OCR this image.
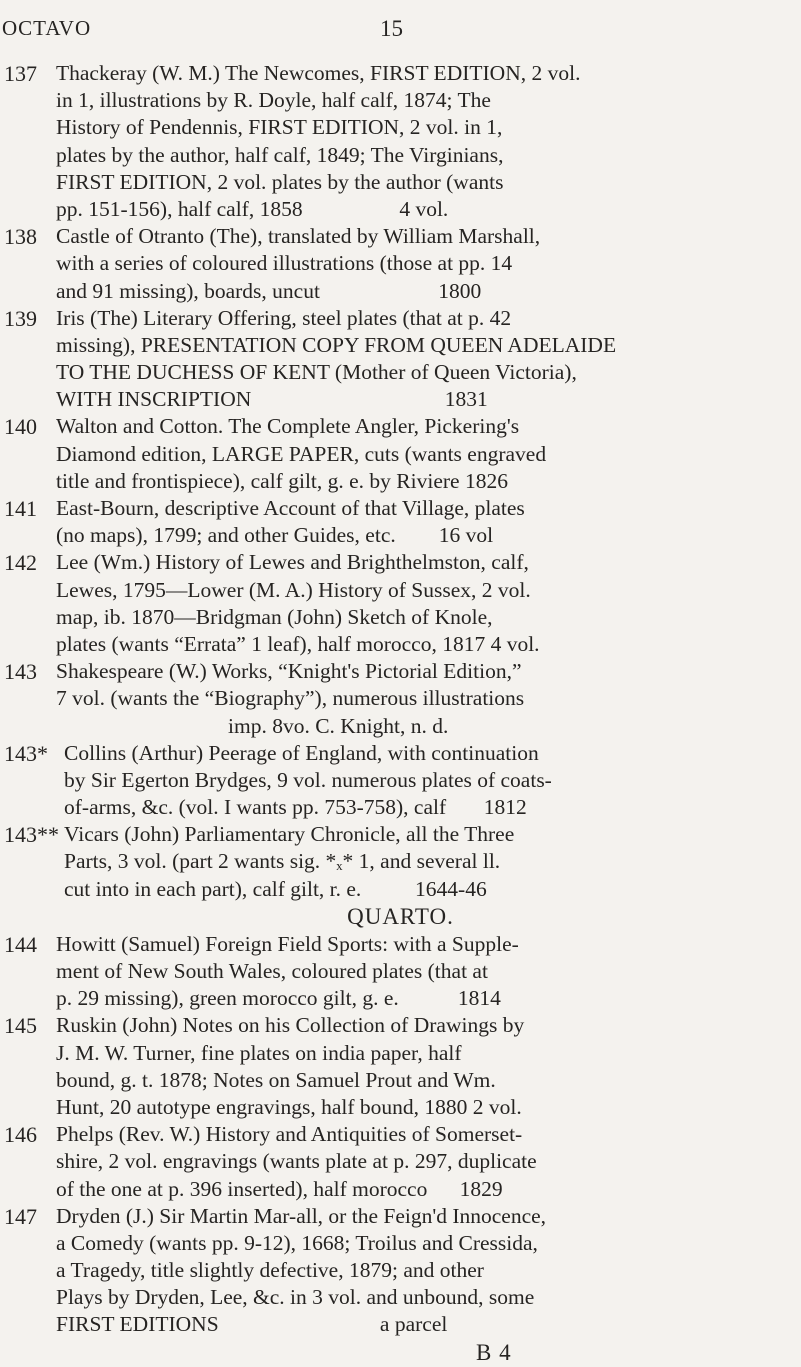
OCTAVO	15
137 Thackeray (W. M.) The Newcomes, FIRST EDITION, 2 vol.
in 1, illustrations by R. Doyle, half calf, 1874; The
History of Pendennis, FIRST EDITION, 2 vol. in 1,
plates by the author, half calf, 1849; The Virginians,
FIRST EDITION, 2 vol. plates by the author (wants
pp. 151-156), half calf, 1858                  4 vol.
138 Castle of Otranto (The), translated by William Marshall,
with a series of coloured illustrations (those at pp. 14
and 91 missing), boards, uncut                      1800
139 Iris (The) Literary Offering, steel plates (that at p. 42
missing), PRESENTATION COPY FROM QUEEN ADELAIDE
TO THE DUCHESS OF KENT (Mother of Queen Victoria),
WITH INSCRIPTION                                    1831
140 Walton and Cotton. The Complete Angler, Pickering's
Diamond edition, LARGE PAPER, cuts (wants engraved
title and frontispiece), calf gilt, g. e. by Riviere 1826
141 East-Bourn, descriptive Account of that Village, plates
(no maps), 1799; and other Guides, etc.        16 vol
142 Lee (Wm.) History of Lewes and Brighthelmston, calf,
Lewes, 1795—Lower (M. A.) History of Sussex, 2 vol.
map, ib. 1870—Bridgman (John) Sketch of Knole,
plates (wants “Errata” 1 leaf), half morocco, 1817 4 vol.
143 Shakespeare (W.) Works, “Knight's Pictorial Edition,”
7 vol. (wants the “Biography”), numerous illustrations
imp. 8vo. C. Knight, n. d.
143* Collins (Arthur) Peerage of England, with continuation
by Sir Egerton Brydges, 9 vol. numerous plates of coats-
of-arms, &c. (vol. I wants pp. 753-758), calf       1812
143** Vicars (John) Parliamentary Chronicle, all the Three
Parts, 3 vol. (part 2 wants sig. *ₓ* 1, and several ll.
cut into in each part), calf gilt, r. e.          1644-46
QUARTO.
144 Howitt (Samuel) Foreign Field Sports: with a Supple-
ment of New South Wales, coloured plates (that at
p. 29 missing), green morocco gilt, g. e.           1814
145 Ruskin (John) Notes on his Collection of Drawings by
J. M. W. Turner, fine plates on india paper, half
bound, g. t. 1878; Notes on Samuel Prout and Wm.
Hunt, 20 autotype engravings, half bound, 1880 2 vol.
146 Phelps (Rev. W.) History and Antiquities of Somerset-
shire, 2 vol. engravings (wants plate at p. 297, duplicate
of the one at p. 396 inserted), half morocco      1829
147 Dryden (J.) Sir Martin Mar-all, or the Feign'd Innocence,
a Comedy (wants pp. 9-12), 1668; Troilus and Cressida,
a Tragedy, title slightly defective, 1879; and other
Plays by Dryden, Lee, &c. in 3 vol. and unbound, some
FIRST EDITIONS                              a parcel
B 4
